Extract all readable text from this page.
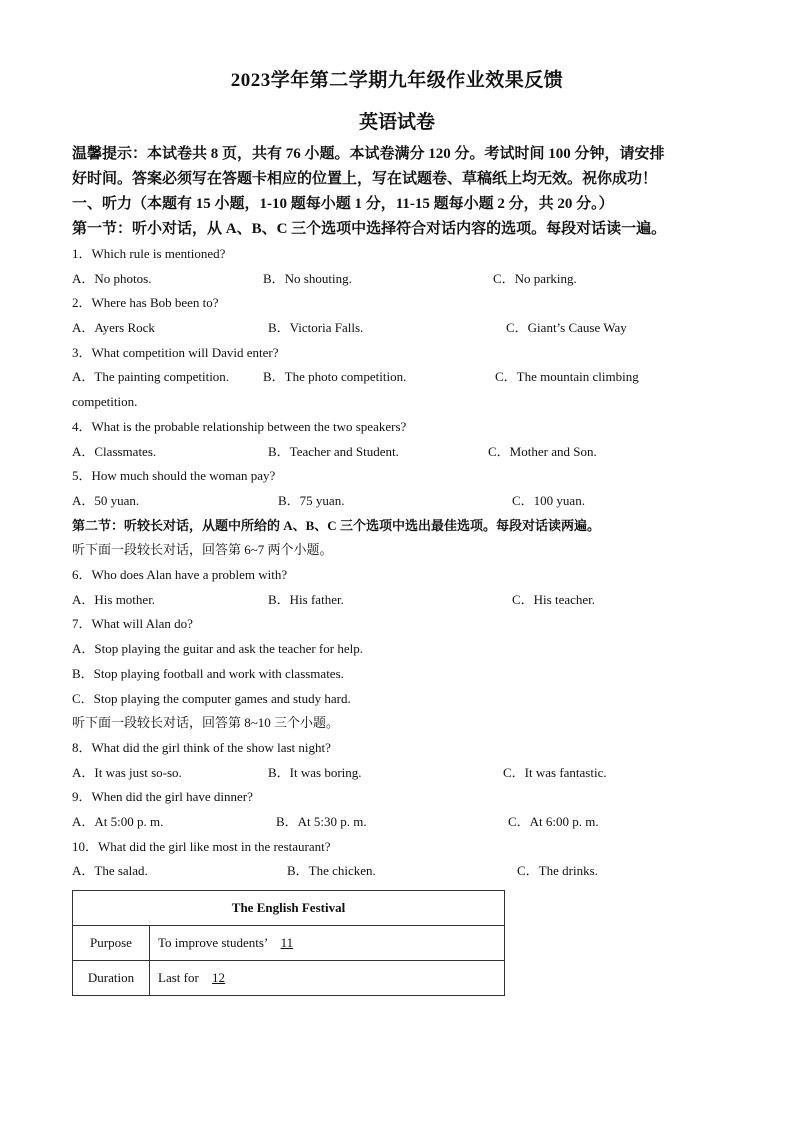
2023学年第二学期九年级作业效果反馈

英语试卷

温馨提示：本试卷共 8 页，共有 76 小题。本试卷满分 120 分。考试时间 100 分钟，请安排

好时间。答案必须写在答题卡相应的位置上，写在试题卷、草稿纸上均无效。祝你成功！

一、听力（本题有 15 小题，1-10 题每小题 1 分，11-15 题每小题 2 分，共 20 分。）

第一节：听小对话，从 A、B、C 三个选项中选择符合对话内容的选项。每段对话读一遍。

1．Which rule is mentioned?

A．No photos.	B．No shouting.	C．No parking.

2．Where has Bob been to?

A．Ayers Rock	B．Victoria Falls.	C．Giant’s Cause Way

3．What competition will David enter?

A．The painting competition.	B．The photo competition.	C．The mountain climbing

competition.

4．What is the probable relationship between the two speakers?

A．Classmates.	B．Teacher and Student.	C．Mother and Son.

5．How much should the woman pay?

A．50 yuan.	B．75 yuan.	C．100 yuan.

第二节：听较长对话，从题中所给的 A、B、C 三个选项中选出最佳选项。每段对话读两遍。

听下面一段较长对话，回答第 6~7 两个小题。

6．Who does Alan have a problem with?

A．His mother.	B．His father.	C．His teacher.

7．What will Alan do?

A．Stop playing the guitar and ask the teacher for help.

B．Stop playing football and work with classmates.

C．Stop playing the computer games and study hard.

听下面一段较长对话，回答第 8~10 三个小题。

8．What did the girl think of the show last night?

A．It was just so-so.	B．It was boring.	C．It was fantastic.

9．When did the girl have dinner?

A．At 5:00 p. m.	B．At 5:30 p. m.	C．At 6:00 p. m.

10．What did the girl like most in the restaurant?

A．The salad.	B．The chicken.	C．The drinks.
The English Festival	
Purpose	To improve students’ 11
Duration	Last for 12
